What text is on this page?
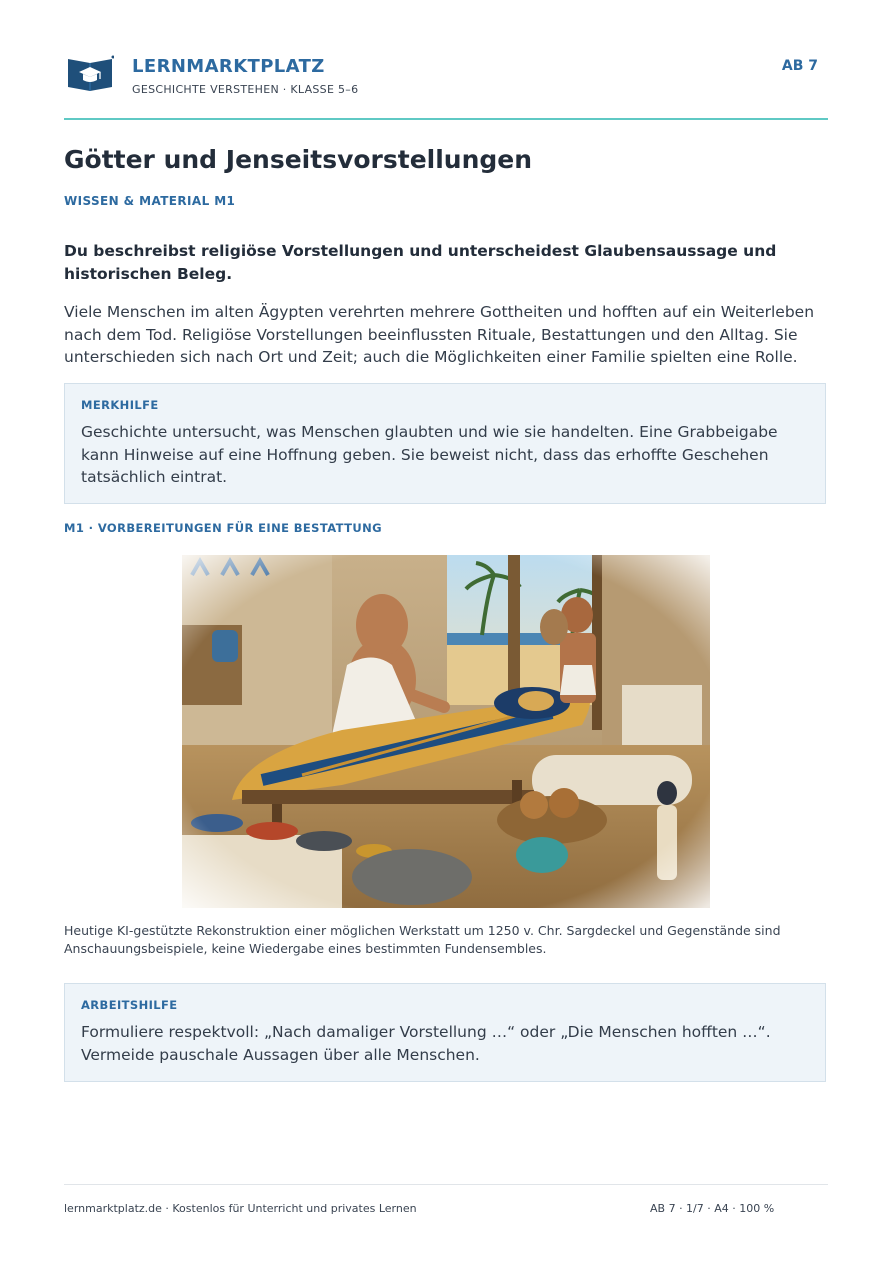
LERNMARKTPLATZ
GESCHICHTE VERSTEHEN · KLASSE 5–6
AB 7
Götter und Jenseitsvorstellungen
WISSEN & MATERIAL M1

Du beschreibst religiöse Vorstellungen und unterscheidest Glaubensaussage und historischen Beleg.

Viele Menschen im alten Ägypten verehrten mehrere Gottheiten und hofften auf ein Weiterleben nach dem Tod. Religiöse Vorstellungen beeinflussten Rituale, Bestattungen und den Alltag. Sie unterschieden sich nach Ort und Zeit; auch die Möglichkeiten einer Familie spielten eine Rolle.

MERKHILFE

Geschichte untersucht, was Menschen glaubten und wie sie handelten. Eine Grabbeigabe kann Hinweise auf eine Hoffnung geben. Sie beweist nicht, dass das erhoffte Geschehen tatsächlich eintrat.

M1 · VORBEREITUNGEN FÜR EINE BESTATTUNG

Heutige KI-gestützte Rekonstruktion einer möglichen Werkstatt um 1250 v. Chr. Sargdeckel und Gegenstände sind Anschauungsbeispiele, keine Wiedergabe eines bestimmten Fundensembles.

ARBEITSHILFE

Formuliere respektvoll: „Nach damaliger Vorstellung …“ oder „Die Menschen hofften …“. Vermeide pauschale Aussagen über alle Menschen.

lernmarktplatz.de · Kostenlos für Unterricht und privates Lernen	AB 7 · 1/7 · A4 · 100 %
